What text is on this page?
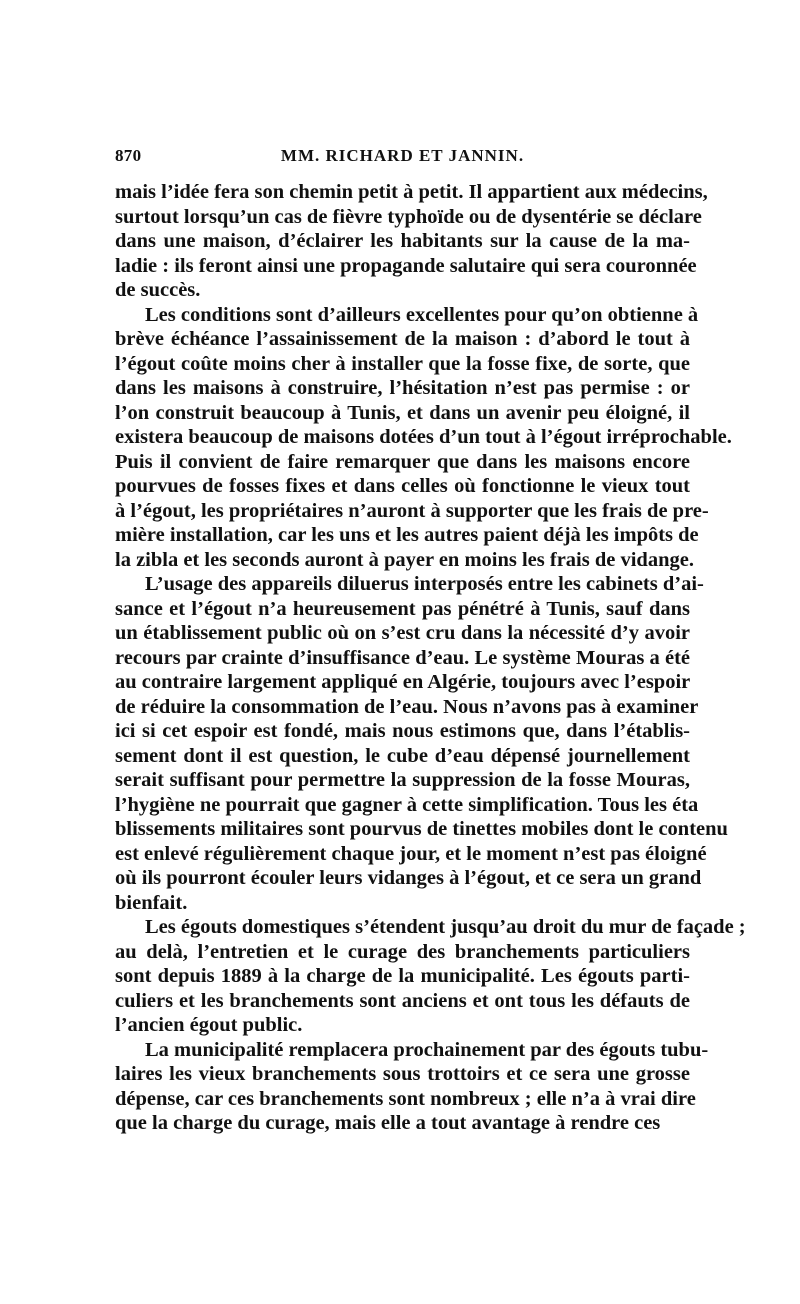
870	MM. RICHARD ET JANNIN.
mais l’idée fera son chemin petit à petit. Il appartient aux médecins,
surtout lorsqu’un cas de fièvre typhoïde ou de dysentérie se déclare
dans une maison, d’éclairer les habitants sur la cause de la ma-
ladie : ils feront ainsi une propagande salutaire qui sera couronnée
de succès.
Les conditions sont d’ailleurs excellentes pour qu’on obtienne à
brève échéance l’assainissement de la maison : d’abord le tout à
l’égout coûte moins cher à installer que la fosse fixe, de sorte, que
dans les maisons à construire, l’hésitation n’est pas permise : or
l’on construit beaucoup à Tunis, et dans un avenir peu éloigné, il
existera beaucoup de maisons dotées d’un tout à l’égout irréprochable.
Puis il convient de faire remarquer que dans les maisons encore
pourvues de fosses fixes et dans celles où fonctionne le vieux tout
à l’égout, les propriétaires n’auront à supporter que les frais de pre-
mière installation, car les uns et les autres paient déjà les impôts de
la zibla et les seconds auront à payer en moins les frais de vidange.
L’usage des appareils diluerus interposés entre les cabinets d’ai-
sance et l’égout n’a heureusement pas pénétré à Tunis, sauf dans
un établissement public où on s’est cru dans la nécessité d’y avoir
recours par crainte d’insuffisance d’eau. Le système Mouras a été
au contraire largement appliqué en Algérie, toujours avec l’espoir
de réduire la consommation de l’eau. Nous n’avons pas à examiner
ici si cet espoir est fondé, mais nous estimons que, dans l’établis-
sement dont il est question, le cube d’eau dépensé journellement
serait suffisant pour permettre la suppression de la fosse Mouras,
l’hygiène ne pourrait que gagner à cette simplification. Tous les éta
blissements militaires sont pourvus de tinettes mobiles dont le contenu
est enlevé régulièrement chaque jour, et le moment n’est pas éloigné
où ils pourront écouler leurs vidanges à l’égout, et ce sera un grand
bienfait.
Les égouts domestiques s’étendent jusqu’au droit du mur de façade ;
au delà, l’entretien et le curage des branchements particuliers
sont depuis 1889 à la charge de la municipalité. Les égouts parti-
culiers et les branchements sont anciens et ont tous les défauts de
l’ancien égout public.
La municipalité remplacera prochainement par des égouts tubu-
laires les vieux branchements sous trottoirs et ce sera une grosse
dépense, car ces branchements sont nombreux ; elle n’a à vrai dire
que la charge du curage, mais elle a tout avantage à rendre ces
